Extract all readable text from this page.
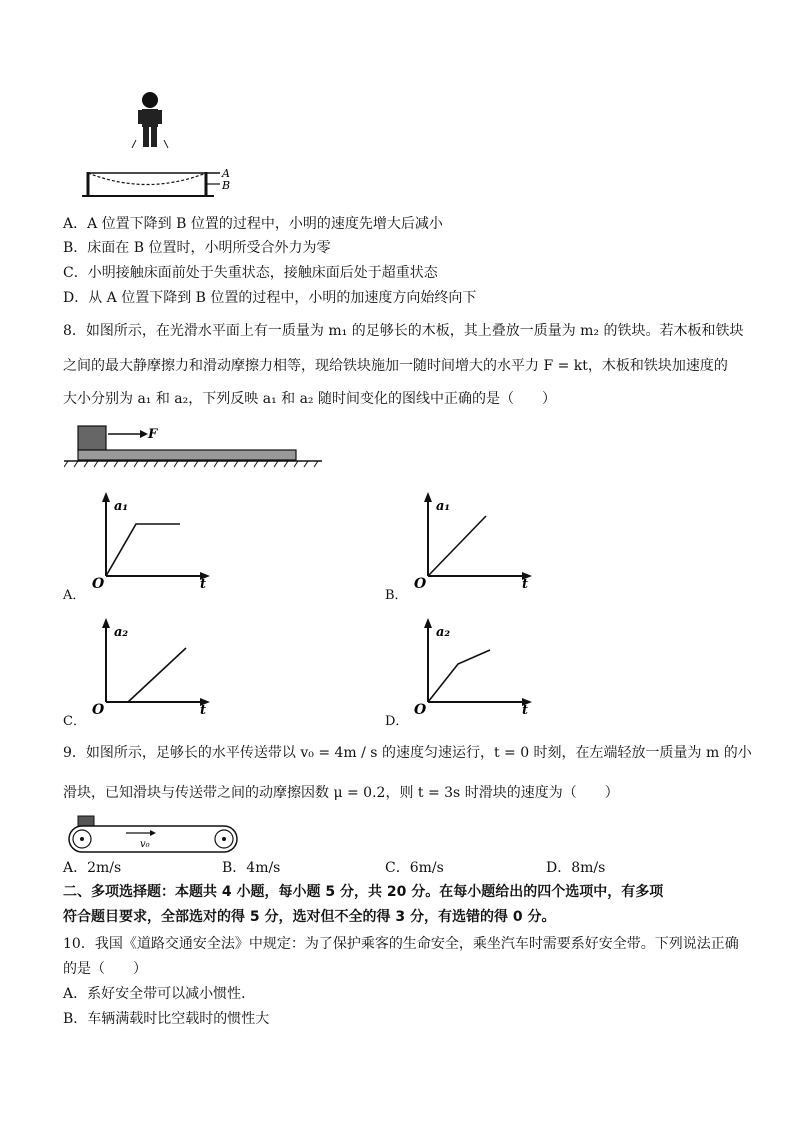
A
B
A．A 位置下降到 B 位置的过程中，小明的速度先增大后减小
B．床面在 B 位置时，小明所受合外力为零
C．小明接触床面前处于失重状态，接触床面后处于超重状态
D．从 A 位置下降到 B 位置的过程中，小明的加速度方向始终向下
8．如图所示，在光滑水平面上有一质量为 m₁ 的足够长的木板，其上叠放一质量为 m₂ 的铁块。若木板和铁块
之间的最大静摩擦力和滑动摩擦力相等，现给铁块施加一随时间增大的水平力 F = kt，木板和铁块加速度的
大小分别为 a₁ 和 a₂，下列反映 a₁ 和 a₂ 随时间变化的图线中正确的是（　　）
F
A．
a₁
O	t
B．
a₁
O	t
C．
a₂
O	t
D．
a₂
O	t
9．如图所示，足够长的水平传送带以 v₀ = 4m / s 的速度匀速运行，t = 0 时刻，在左端轻放一质量为 m 的小
滑块，已知滑块与传送带之间的动摩擦因数 μ = 0.2，则 t = 3s 时滑块的速度为（　　）
v₀
A．2m/s	B．4m/s	C．6m/s	D．8m/s
二、多项选择题：本题共 4 小题，每小题 5 分，共 20 分。在每小题给出的四个选项中，有多项
符合题目要求，全部选对的得 5 分，选对但不全的得 3 分，有选错的得 0 分。
10．我国《道路交通安全法》中规定：为了保护乘客的生命安全，乘坐汽车时需要系好安全带。下列说法正确
的是（　　）
A．系好安全带可以减小惯性．
B．车辆满载时比空载时的惯性大
